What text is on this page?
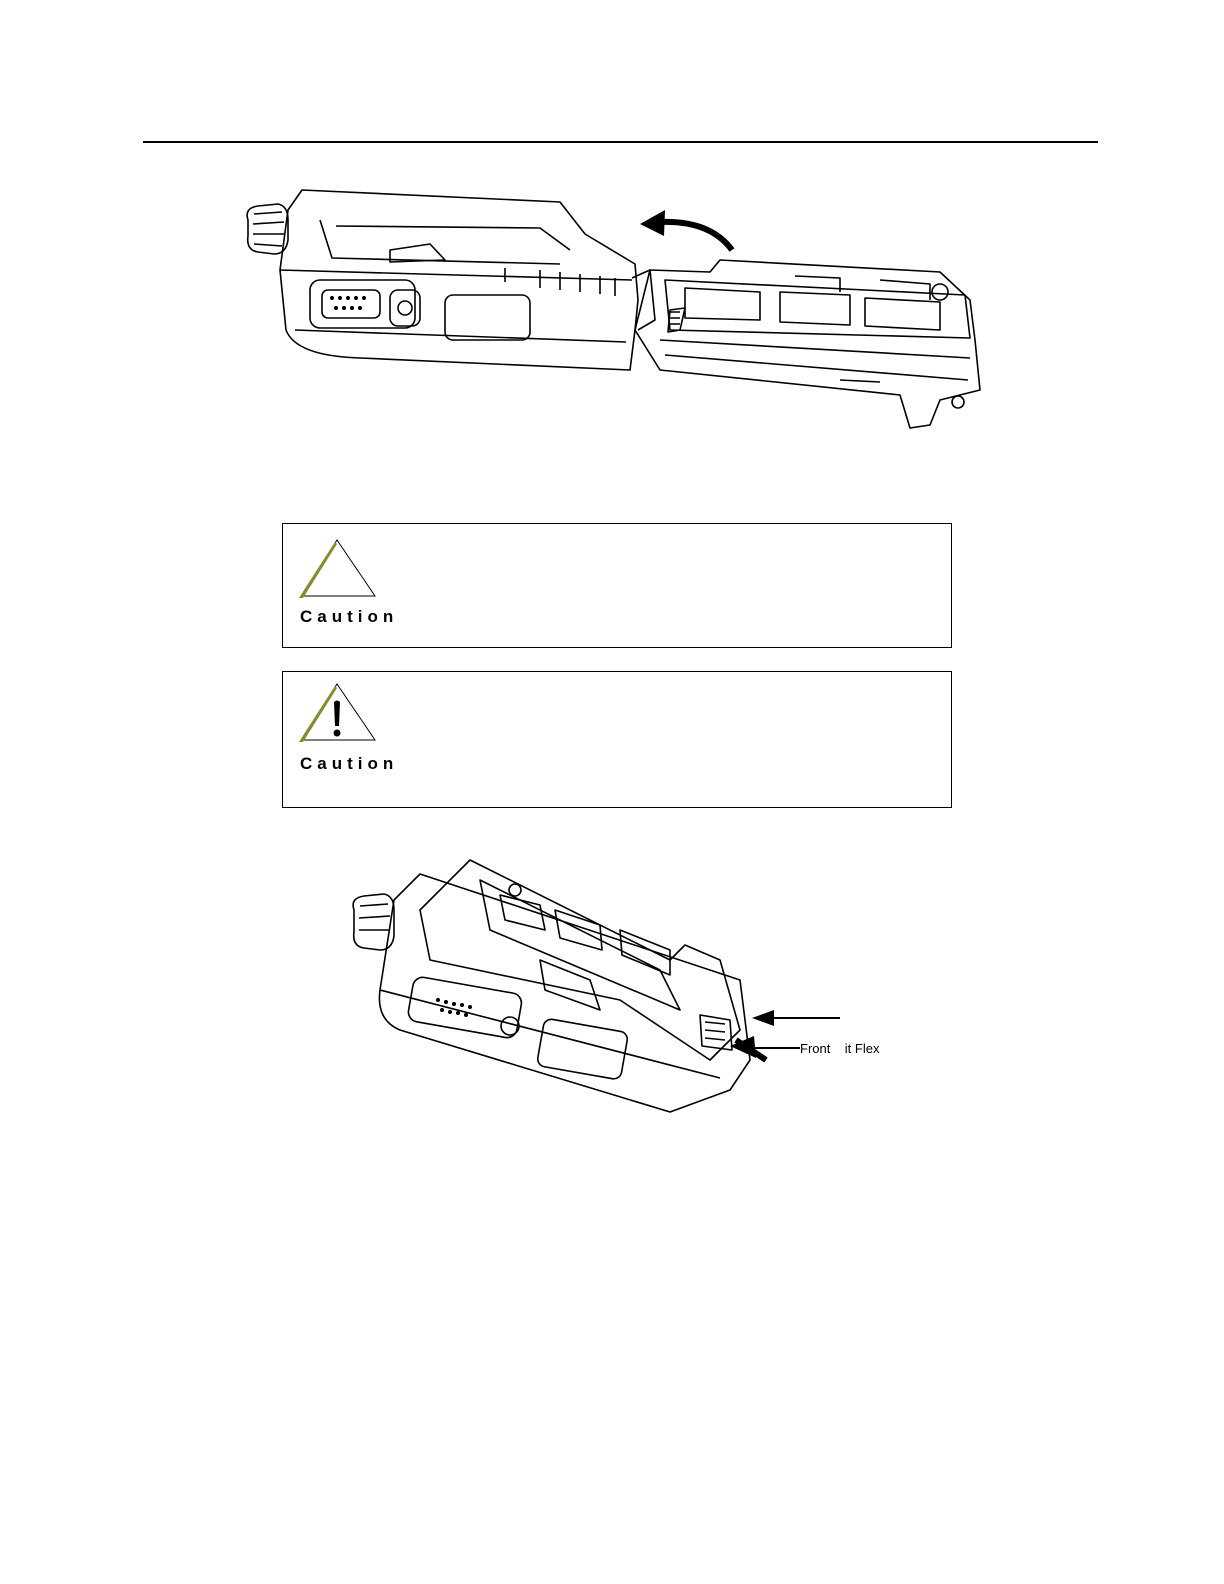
Caution
Caution
Front    it Flex
